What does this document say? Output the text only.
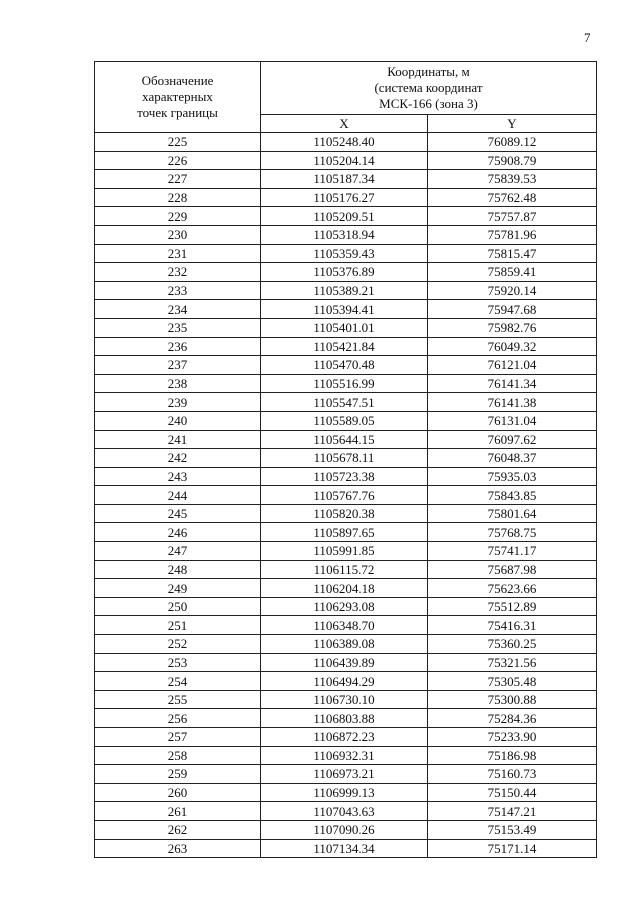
7
Обозначение
характерных
точек границы	Координаты, м
(система координат
МСК-166 (зона 3)	

	X	Y
225	1105248.40	76089.12
226	1105204.14	75908.79
227	1105187.34	75839.53
228	1105176.27	75762.48
229	1105209.51	75757.87
230	1105318.94	75781.96
231	1105359.43	75815.47
232	1105376.89	75859.41
233	1105389.21	75920.14
234	1105394.41	75947.68
235	1105401.01	75982.76
236	1105421.84	76049.32
237	1105470.48	76121.04
238	1105516.99	76141.34
239	1105547.51	76141.38
240	1105589.05	76131.04
241	1105644.15	76097.62
242	1105678.11	76048.37
243	1105723.38	75935.03
244	1105767.76	75843.85
245	1105820.38	75801.64
246	1105897.65	75768.75
247	1105991.85	75741.17
248	1106115.72	75687.98
249	1106204.18	75623.66
250	1106293.08	75512.89
251	1106348.70	75416.31
252	1106389.08	75360.25
253	1106439.89	75321.56
254	1106494.29	75305.48
255	1106730.10	75300.88
256	1106803.88	75284.36
257	1106872.23	75233.90
258	1106932.31	75186.98
259	1106973.21	75160.73
260	1106999.13	75150.44
261	1107043.63	75147.21
262	1107090.26	75153.49
263	1107134.34	75171.14
